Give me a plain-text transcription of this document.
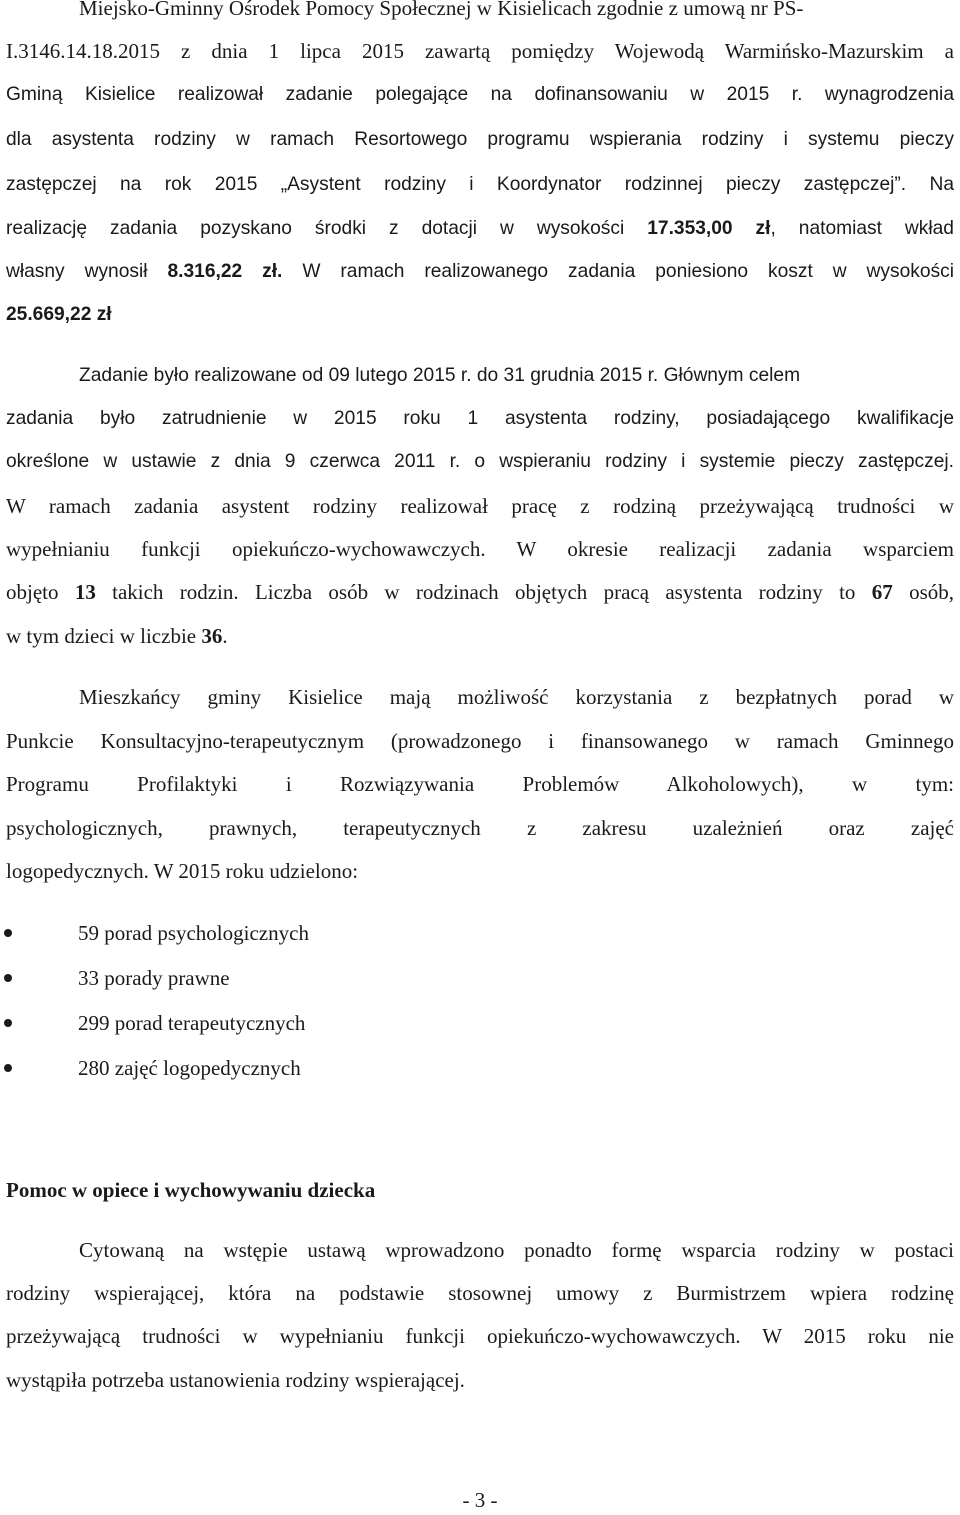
Miejsko-Gminny Ośrodek Pomocy Społecznej w Kisielicach zgodnie z umową nr PS-
I.3146.14.18.2015 z dnia 1 lipca 2015 zawartą pomiędzy Wojewodą Warmińsko-Mazurskim a
Gminą Kisielice realizował zadanie polegające na dofinansowaniu w 2015 r. wynagrodzenia
dla asystenta rodziny w ramach Resortowego programu wspierania rodziny i systemu pieczy
zastępczej na rok 2015 „Asystent rodziny i Koordynator rodzinnej pieczy zastępczej”. Na
realizację zadania pozyskano środki z dotacji w wysokości 17.353,00 zł, natomiast wkład
własny wynosił 8.316,22 zł. W ramach realizowanego zadania poniesiono koszt w wysokości
25.669,22 zł
Zadanie było realizowane od 09 lutego 2015 r. do 31 grudnia 2015 r. Głównym celem
zadania było zatrudnienie w 2015 roku 1 asystenta rodziny, posiadającego kwalifikacje
określone w ustawie z dnia 9 czerwca 2011 r. o wspieraniu rodziny i systemie pieczy zastępczej.
W ramach zadania asystent rodziny realizował pracę z rodziną przeżywającą trudności w
wypełnianiu funkcji opiekuńczo-wychowawczych. W okresie realizacji zadania wsparciem
objęto 13 takich rodzin. Liczba osób w rodzinach objętych pracą asystenta rodziny to 67 osób,
w tym dzieci w liczbie 36.
Mieszkańcy gminy Kisielice mają możliwość korzystania z bezpłatnych porad w
Punkcie Konsultacyjno-terapeutycznym (prowadzonego i finansowanego w ramach Gminnego
Programu Profilaktyki i Rozwiązywania Problemów Alkoholowych), w tym:
psychologicznych, prawnych, terapeutycznych z zakresu uzależnień oraz zajęć
logopedycznych. W 2015 roku udzielono:
59 porad psychologicznych
33 porady prawne
299 porad terapeutycznych
280 zajęć logopedycznych
Pomoc w opiece i wychowywaniu dziecka
Cytowaną na wstępie ustawą wprowadzono ponadto formę wsparcia rodziny w postaci
rodziny wspierającej, która na podstawie stosownej umowy z Burmistrzem wpiera rodzinę
przeżywającą trudności w wypełnianiu funkcji opiekuńczo-wychowawczych. W 2015 roku nie
wystąpiła potrzeba ustanowienia rodziny wspierającej.
- 3 -
